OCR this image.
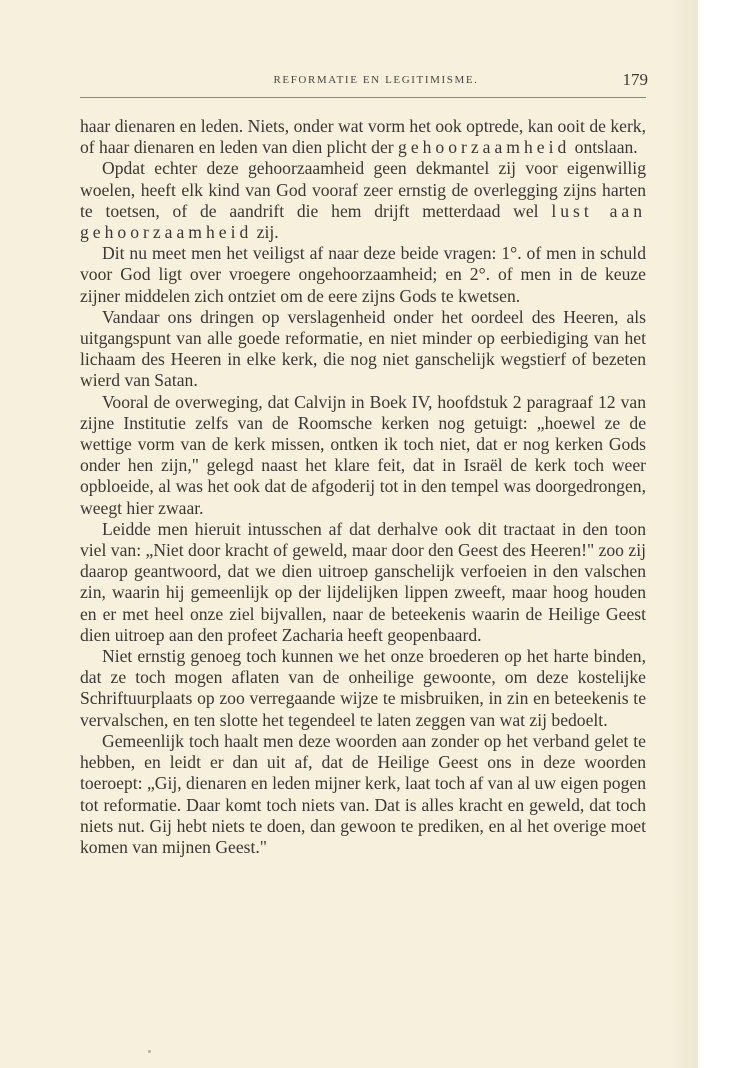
REFORMATIE EN LEGITIMISME.	179

haar dienaren en leden. Niets, onder wat vorm het ook optrede, kan ooit de kerk, of haar dienaren en leden van dien plicht der gehoorzaamheid ontslaan.

Opdat echter deze gehoorzaamheid geen dekmantel zij voor eigenwillig woelen, heeft elk kind van God vooraf zeer ernstig de overlegging zijns harten te toetsen, of de aandrift die hem drijft metterdaad wel lust aan gehoorzaamheid zij.

Dit nu meet men het veiligst af naar deze beide vragen: 1°. of men in schuld voor God ligt over vroegere ongehoorzaamheid; en 2°. of men in de keuze zijner middelen zich ontziet om de eere zijns Gods te kwetsen.

Vandaar ons dringen op verslagenheid onder het oordeel des Heeren, als uitgangspunt van alle goede reformatie, en niet minder op eerbiediging van het lichaam des Heeren in elke kerk, die nog niet ganschelijk wegstierf of bezeten wierd van Satan.

Vooral de overweging, dat Calvijn in Boek IV, hoofdstuk 2 paragraaf 12 van zijne Institutie zelfs van de Roomsche kerken nog getuigt: „hoewel ze de wettige vorm van de kerk missen, ontken ik toch niet, dat er nog kerken Gods onder hen zijn," gelegd naast het klare feit, dat in Israël de kerk toch weer opbloeide, al was het ook dat de afgoderij tot in den tempel was doorgedrongen, weegt hier zwaar.

Leidde men hieruit intusschen af dat derhalve ook dit tractaat in den toon viel van: „Niet door kracht of geweld, maar door den Geest des Heeren!" zoo zij daarop geantwoord, dat we dien uitroep ganschelijk verfoeien in den valschen zin, waarin hij gemeenlijk op der lijdelijken lippen zweeft, maar hoog houden en er met heel onze ziel bijvallen, naar de beteekenis waarin de Heilige Geest dien uitroep aan den profeet Zacharia heeft geopenbaard.

Niet ernstig genoeg toch kunnen we het onze broederen op het harte binden, dat ze toch mogen aflaten van de onheilige gewoonte, om deze kostelijke Schriftuurplaats op zoo verregaande wijze te misbruiken, in zin en beteekenis te vervalschen, en ten slotte het tegendeel te laten zeggen van wat zij bedoelt.

Gemeenlijk toch haalt men deze woorden aan zonder op het verband gelet te hebben, en leidt er dan uit af, dat de Heilige Geest ons in deze woorden toeroept: „Gij, dienaren en leden mijner kerk, laat toch af van al uw eigen pogen tot reformatie. Daar komt toch niets van. Dat is alles kracht en geweld, dat toch niets nut. Gij hebt niets te doen, dan gewoon te prediken, en al het overige moet komen van mijnen Geest."
